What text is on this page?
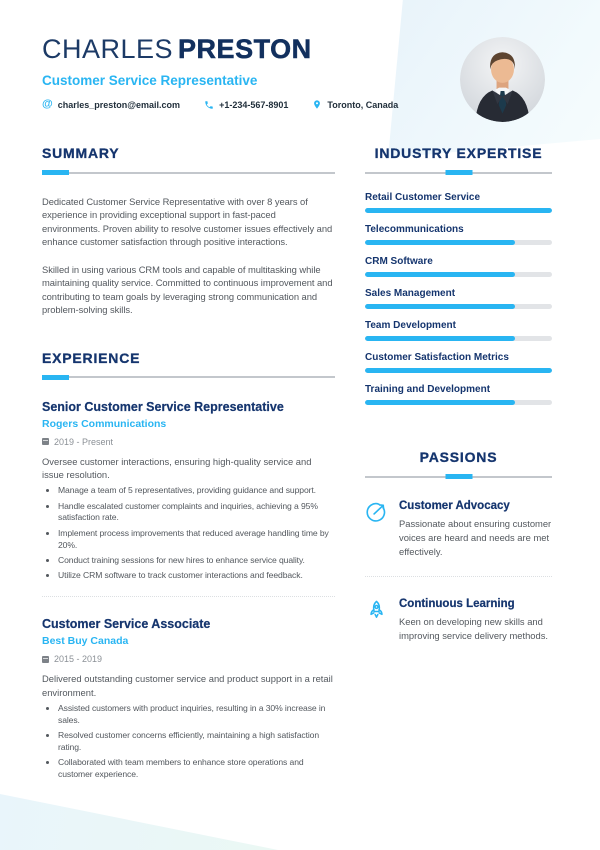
CHARLES PRESTON
Customer Service Representative
@ charles_preston@email.com	+1-234-567-8901	Toronto, Canada
SUMMARY

Dedicated Customer Service Representative with over 8 years of experience in providing exceptional support in fast-paced environments. Proven ability to resolve customer issues effectively and enhance customer satisfaction through positive interactions.

Skilled in using various CRM tools and capable of multitasking while maintaining quality service. Committed to continuous improvement and contributing to team goals by leveraging strong communication and problem-solving skills.

EXPERIENCE
Senior Customer Service Representative
Rogers Communications
2019 - Present

Oversee customer interactions, ensuring high-quality service and issue resolution.

• Manage a team of 5 representatives, providing guidance and support.
• Handle escalated customer complaints and inquiries, achieving a 95% satisfaction rate.
• Implement process improvements that reduced average handling time by 20%.
• Conduct training sessions for new hires to enhance service quality.
• Utilize CRM software to track customer interactions and feedback.
Customer Service Associate
Best Buy Canada
2015 - 2019

Delivered outstanding customer service and product support in a retail environment.

• Assisted customers with product inquiries, resulting in a 30% increase in sales.
• Resolved customer concerns efficiently, maintaining a high satisfaction rating.
• Collaborated with team members to enhance store operations and customer experience.
INDUSTRY EXPERTISE
Retail Customer Service
Telecommunications
CRM Software
Sales Management
Team Development
Customer Satisfaction Metrics
Training and Development
PASSIONS
Customer Advocacy

Passionate about ensuring customer voices are heard and needs are met effectively.

Continuous Learning

Keen on developing new skills and improving service delivery methods.
